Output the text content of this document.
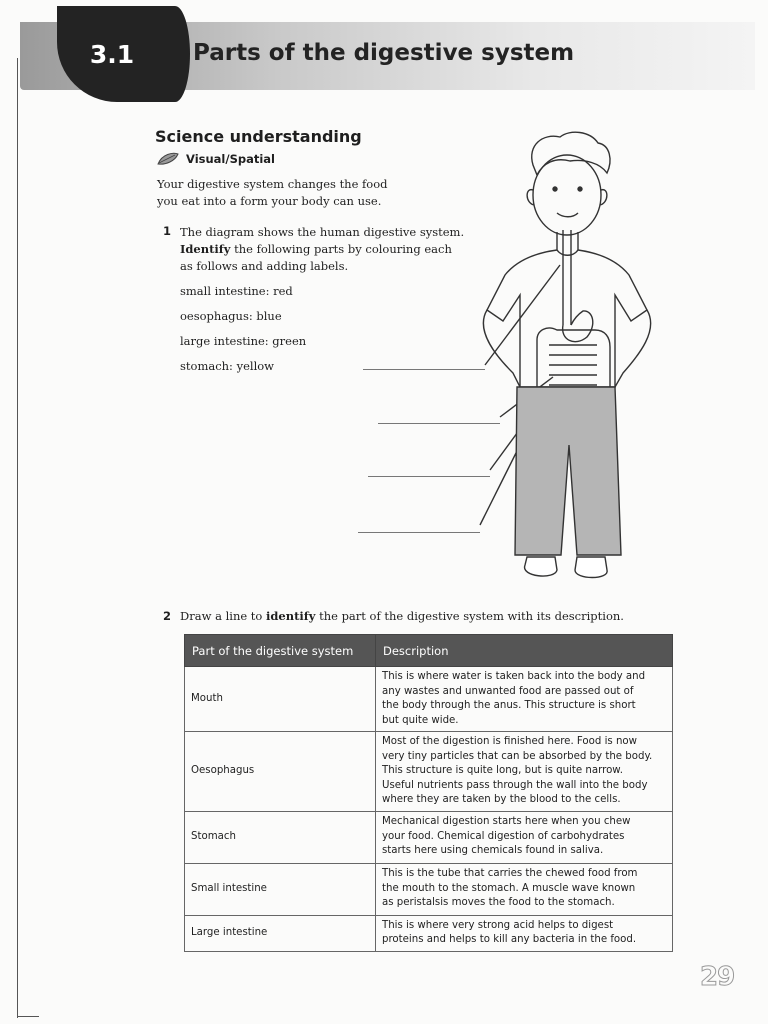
3.1	Parts of the digestive system
Science understanding
Visual/Spatial
Your digestive system changes the food
you eat into a form your body can use.
1 The diagram shows the human digestive system.
Identify the following parts by colouring each
as follows and adding labels.
small intestine: red
oesophagus: blue
large intestine: green
stomach: yellow
2 Draw a line to identify the part of the digestive system with its description.
Part of the digestive system	Description
Mouth	This is where water is taken back into the body and
any wastes and unwanted food are passed out of
the body through the anus. This structure is short
but quite wide.

Oesophagus	Most of the digestion is finished here. Food is now
very tiny particles that can be absorbed by the body.
This structure is quite long, but is quite narrow.
Useful nutrients pass through the wall into the body
where they are taken by the blood to the cells.

Stomach	Mechanical digestion starts here when you chew
your food. Chemical digestion of carbohydrates
starts here using chemicals found in saliva.

Small intestine	This is the tube that carries the chewed food from
the mouth to the stomach. A muscle wave known
as peristalsis moves the food to the stomach.

Large intestine	This is where very strong acid helps to digest
proteins and helps to kill any bacteria in the food.
29
